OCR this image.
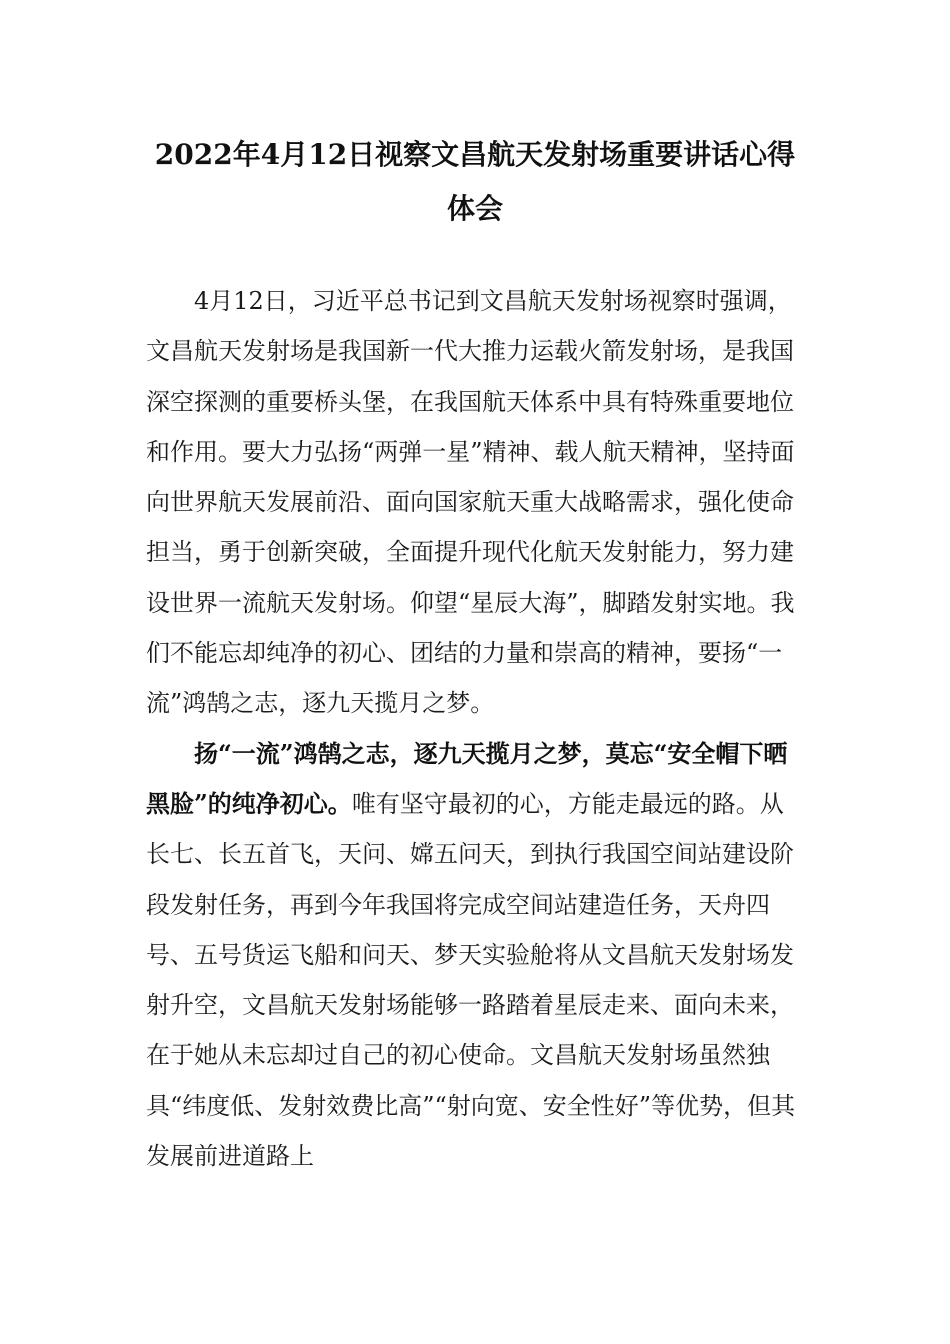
2022年4月12日视察文昌航天发射场重要讲话心得体会

4月12日，习近平总书记到文昌航天发射场视察时强调，文昌航天发射场是我国新一代大推力运载火箭发射场，是我国深空探测的重要桥头堡，在我国航天体系中具有特殊重要地位和作用。要大力弘扬“两弹一星”精神、载人航天精神，坚持面向世界航天发展前沿、面向国家航天重大战略需求，强化使命担当，勇于创新突破，全面提升现代化航天发射能力，努力建设世界一流航天发射场。仰望“星辰大海”，脚踏发射实地。我们不能忘却纯净的初心、团结的力量和崇高的精神，要扬“一流”鸿鹄之志，逐九天揽月之梦。

扬“一流”鸿鹄之志，逐九天揽月之梦，莫忘“安全帽下晒黑脸”的纯净初心。唯有坚守最初的心，方能走最远的路。从长七、长五首飞，天问、嫦五问天，到执行我国空间站建设阶段发射任务，再到今年我国将完成空间站建造任务，天舟四号、五号货运飞船和问天、梦天实验舱将从文昌航天发射场发射升空，文昌航天发射场能够一路踏着星辰走来、面向未来，在于她从未忘却过自己的初心使命。文昌航天发射场虽然独具“纬度低、发射效费比高”“射向宽、安全性好”等优势，但其发展前进道路上
